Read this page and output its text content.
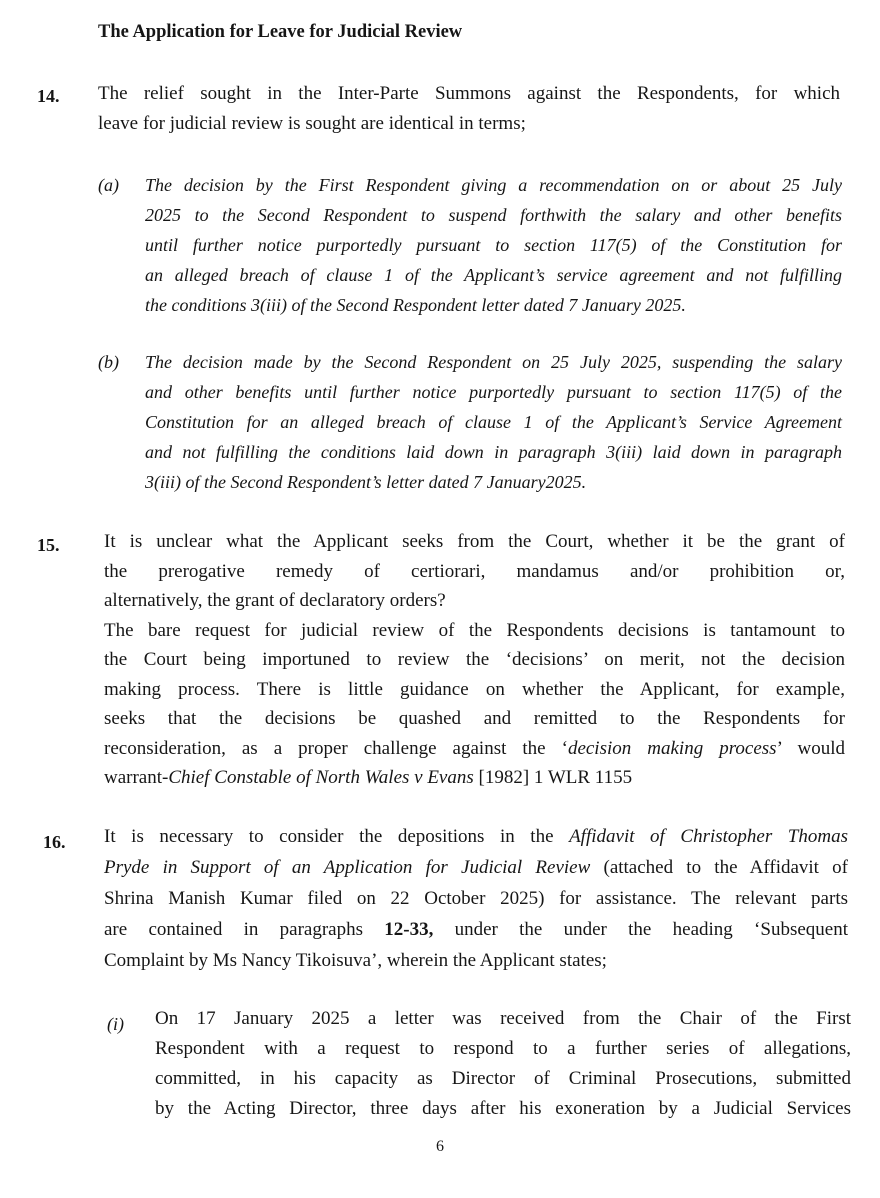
The Application for Leave for Judicial Review
14. The relief sought in the Inter-Parte Summons against the Respondents, for which
leave for judicial review is sought are identical in terms;
(a) The decision by the First Respondent giving a recommendation on or about 25 July
2025 to the Second Respondent to suspend forthwith the salary and other benefits
until further notice purportedly pursuant to section 117(5) of the Constitution for
an alleged breach of clause 1 of the Applicant’s service agreement and not fulfilling
the conditions 3(iii) of the Second Respondent letter dated 7 January 2025.
(b) The decision made by the Second Respondent on 25 July 2025, suspending the salary
and other benefits until further notice purportedly pursuant to section 117(5) of the
Constitution for an alleged breach of clause 1 of the Applicant’s Service Agreement
and not fulfilling the conditions laid down in paragraph 3(iii) laid down in paragraph
3(iii) of the Second Respondent’s letter dated 7 January2025.
15. It is unclear what the Applicant seeks from the Court, whether it be the grant of
the prerogative remedy of certiorari, mandamus and/or prohibition or,
alternatively, the grant of declaratory orders?
The bare request for judicial review of the Respondents decisions is tantamount to
the Court being importuned to review the ‘decisions’ on merit, not the decision
making process. There is little guidance on whether the Applicant, for example,
seeks that the decisions be quashed and remitted to the Respondents for
reconsideration, as a proper challenge against the ‘decision making process’ would
warrant-Chief Constable of North Wales v Evans [1982] 1 WLR 1155
16. It is necessary to consider the depositions in the Affidavit of Christopher Thomas
Pryde in Support of an Application for Judicial Review (attached to the Affidavit of
Shrina Manish Kumar filed on 22 October 2025) for assistance. The relevant parts
are contained in paragraphs 12-33, under the under the heading ‘Subsequent
Complaint by Ms Nancy Tikoisuva’, wherein the Applicant states;
(i) On 17 January 2025 a letter was received from the Chair of the First
Respondent with a request to respond to a further series of allegations,
committed, in his capacity as Director of Criminal Prosecutions, submitted
by the Acting Director, three days after his exoneration by a Judicial Services
6
